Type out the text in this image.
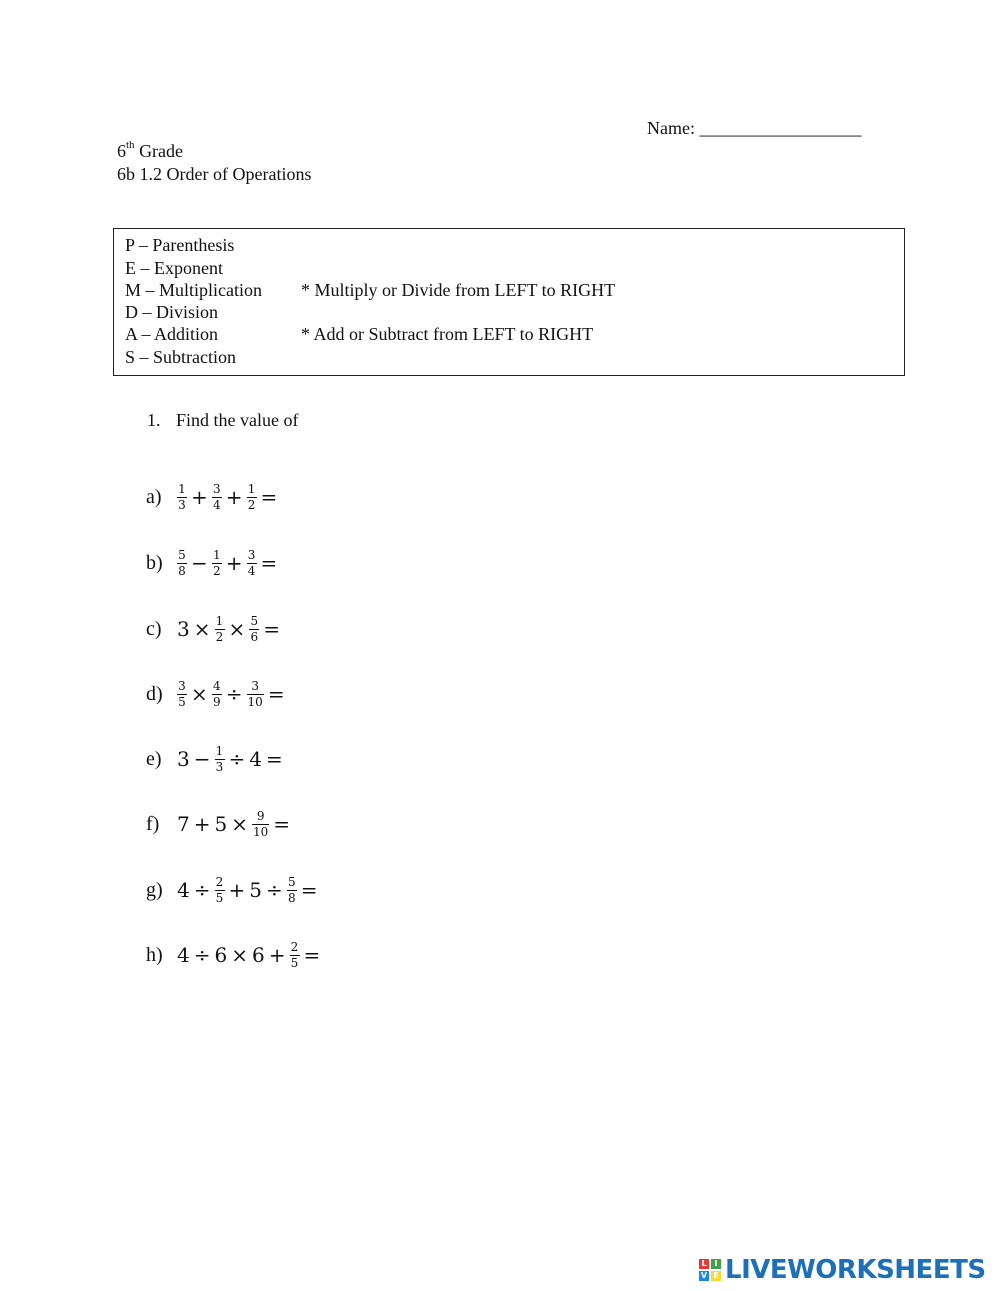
Name: __________________
6th Grade
6b 1.2 Order of Operations
P – Parenthesis
E – Exponent
M – Multiplication * Multiply or Divide from LEFT to RIGHT
D – Division
A – Addition	* Add or Subtract from LEFT to RIGHT
S – Subtraction
1. Find the value of
a)	$\frac{1}{3} + \frac{3}{4} + \frac{1}{2}$ =
b)	$\frac{5}{8} - \frac{1}{2} + \frac{3}{4}$ =
c) $3 \times \frac{1}{2} \times \frac{5}{6}$ =
d)	$\frac{3}{5} \times \frac{4}{9} \div \frac{3}{10}$ =
e) $3 - \frac{1}{3} \div 4$ =
f) $7 + 5 \times \frac{9}{10}$ =
g) $4 \div \frac{2}{5} + 5 \div \frac{5}{8}$ =
h) $4 \div 6 \times 6 + \frac{2}{5}$ =
L I
V E LIVEWORKSHEETS
